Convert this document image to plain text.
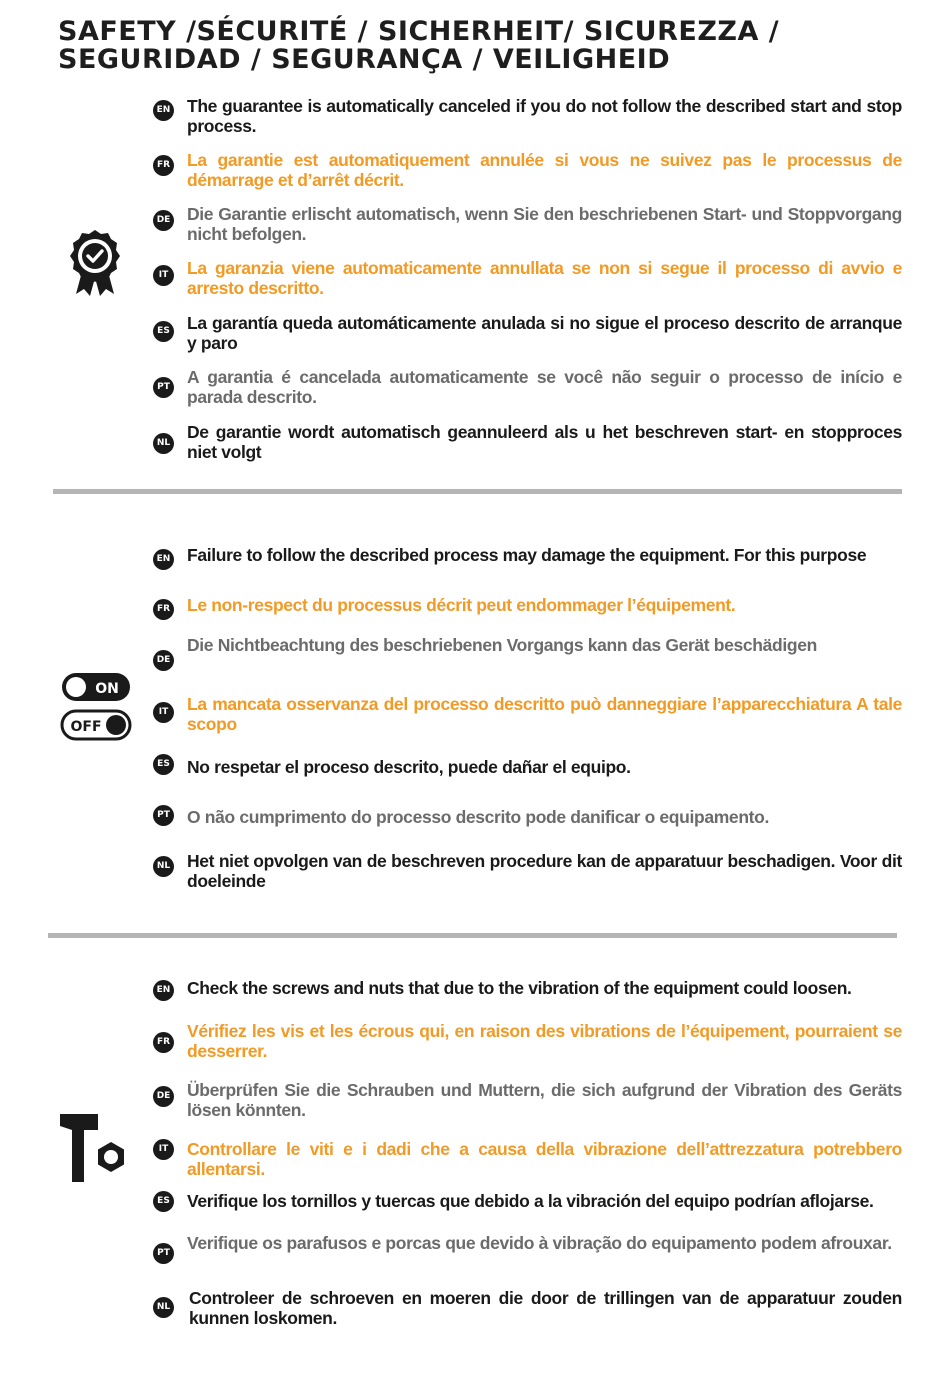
SAFETY /SÉCURITÉ / SICHERHEIT/ SICUREZZA /
SEGURIDAD / SEGURANÇA / VEILIGHEID
EN The guarantee is automatically canceled if you do not follow the described start and stop process.
FR La garantie est automatiquement annulée si vous ne suivez pas le processus de démarrage et d’arrêt décrit.
DE Die Garantie erlischt automatisch, wenn Sie den beschriebenen Start- und Stoppvorgang nicht befolgen.
IT	La garanzia viene automaticamente annullata se non si segue il processo di avvio e arresto descritto.
ES La garantía queda automáticamente anulada si no sigue el proceso descrito de arranque y paro
PT A garantia é cancelada automaticamente se você não seguir o processo de início e parada descrito.
NL
De garantie wordt automatisch geannuleerd als u het beschreven start- en stopproces niet volgt
ON
OFF
EN Failure to follow the described process may damage the equipment. For this purpose
FR Le non-respect du processus décrit peut endommager l’équipement.
DE
Die Nichtbeachtung des beschriebenen Vorgangs kann das Gerät beschädigen
IT	La mancata osservanza del processo descritto può danneggiare l’apparecchiatura A tale scopo
ES No respetar el proceso descrito, puede dañar el equipo.
PT O não cumprimento do processo descrito pode danificar o equipamento.
NL Het niet opvolgen van de beschreven procedure kan de apparatuur beschadigen. Voor dit doeleinde
EN Check the screws and nuts that due to the vibration of the equipment could loosen.
FR
Vérifiez les vis et les écrous qui, en raison des vibrations de l’équipement, pourraient se desserrer.
DE Überprüfen Sie die Schrauben und Muttern, die sich aufgrund der Vibration des Geräts lösen könnten.
IT	Controllare le viti e i dadi che a causa della vibrazione dell’attrezzatura potrebbero allentarsi.
ES Verifique los tornillos y tuercas que debido a la vibración del equipo podrían aflojarse.
PT Verifique os parafusos e porcas que devido à vibração do equipamento podem afrouxar.
NL Controleer de schroeven en moeren die door de trillingen van de apparatuur zouden kunnen loskomen.
